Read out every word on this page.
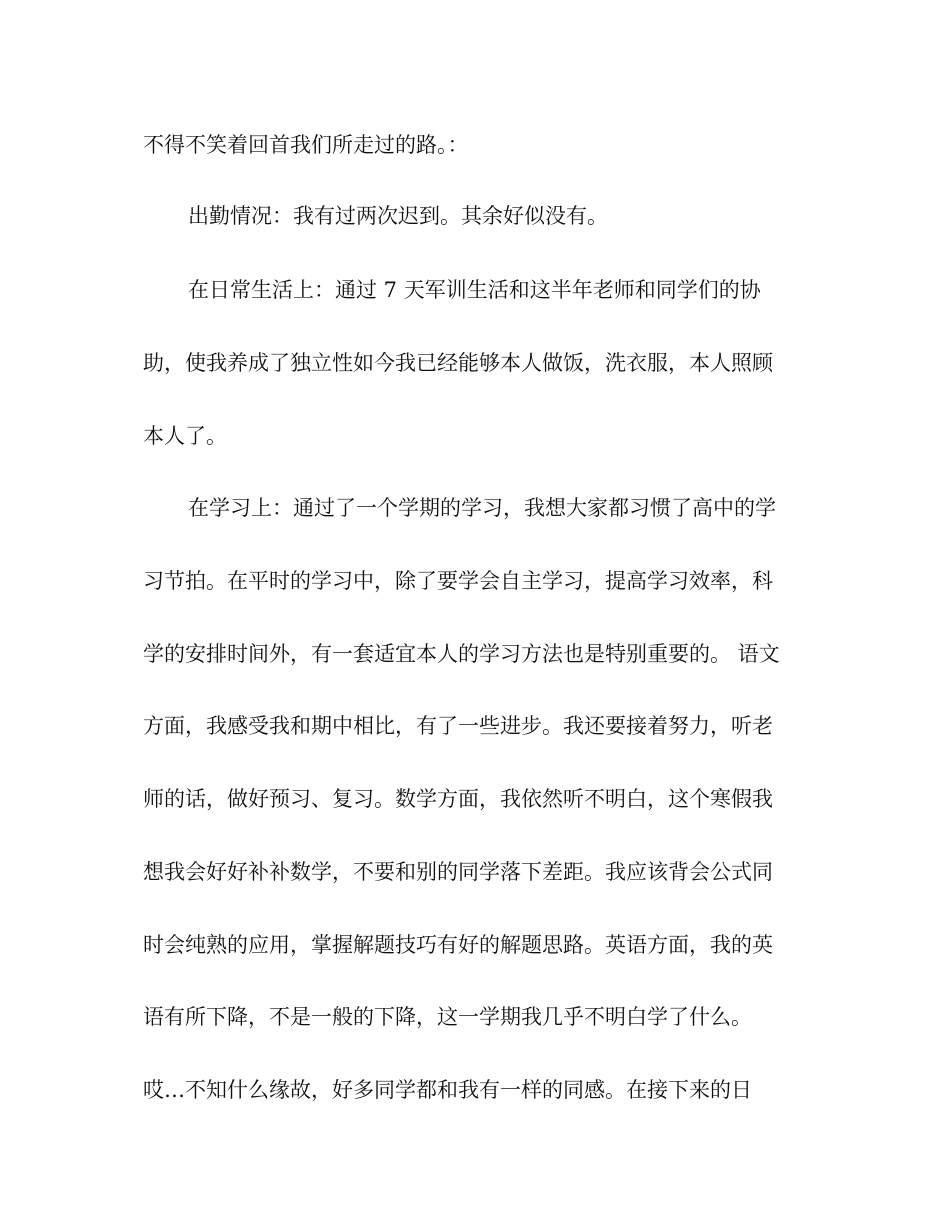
不得不笑着回首我们所走过的路。：
出勤情况：我有过两次迟到。其余好似没有。
在日常生活上：通过 7 天军训生活和这半年老师和同学们的协
助，使我养成了独立性如今我已经能够本人做饭，洗衣服，本人照顾
本人了。
在学习上：通过了一个学期的学习，我想大家都习惯了高中的学
习节拍。在平时的学习中，除了要学会自主学习，提高学习效率，科
学的安排时间外，有一套适宜本人的学习方法也是特别重要的。 语文
方面，我感受我和期中相比，有了一些进步。我还要接着努力，听老
师的话，做好预习、复习。数学方面，我依然听不明白，这个寒假我
想我会好好补补数学，不要和别的同学落下差距。我应该背会公式同
时会纯熟的应用，掌握解题技巧有好的解题思路。英语方面，我的英
语有所下降，不是一般的下降，这一学期我几乎不明白学了什么。
哎…不知什么缘故，好多同学都和我有一样的同感。在接下来的日
